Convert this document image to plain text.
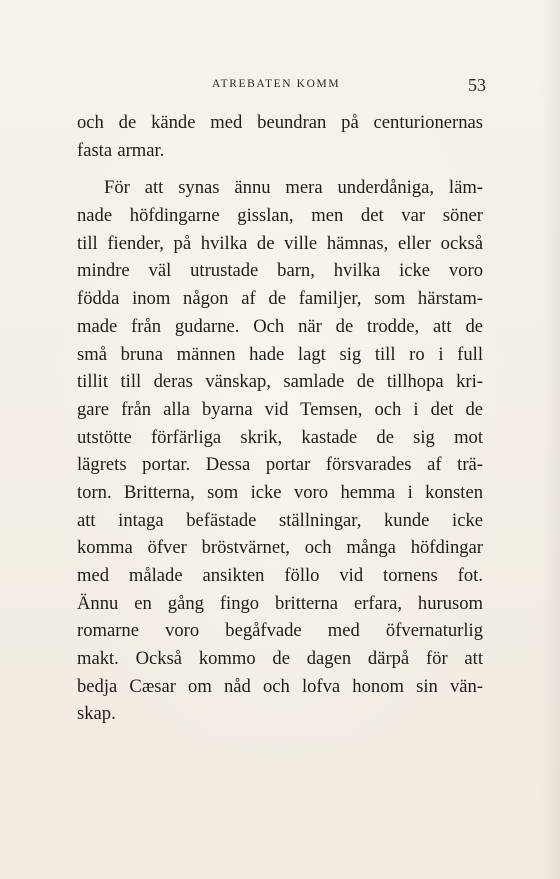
ATREBATEN KOMM	53
och de kände med beundran på centurionernas
fasta armar.
För att synas ännu mera underdåniga, läm-
nade höfdingarne gisslan, men det var söner
till fiender, på hvilka de ville hämnas, eller också
mindre väl utrustade barn, hvilka icke voro
födda inom någon af de familjer, som härstam-
made från gudarne. Och när de trodde, att de
små bruna männen hade lagt sig till ro i full
tillit till deras vänskap, samlade de tillhopa kri-
gare från alla byarna vid Temsen, och i det de
utstötte förfärliga skrik, kastade de sig mot
lägrets portar. Dessa portar försvarades af trä-
torn. Britterna, som icke voro hemma i konsten
att intaga befästade ställningar, kunde icke
komma öfver bröstvärnet, och många höfdingar
med målade ansikten föllo vid tornens fot.
Ännu en gång fingo britterna erfara, hurusom
romarne voro begåfvade med öfvernaturlig
makt. Också kommo de dagen därpå för att
bedja Cæsar om nåd och lofva honom sin vän-
skap.
